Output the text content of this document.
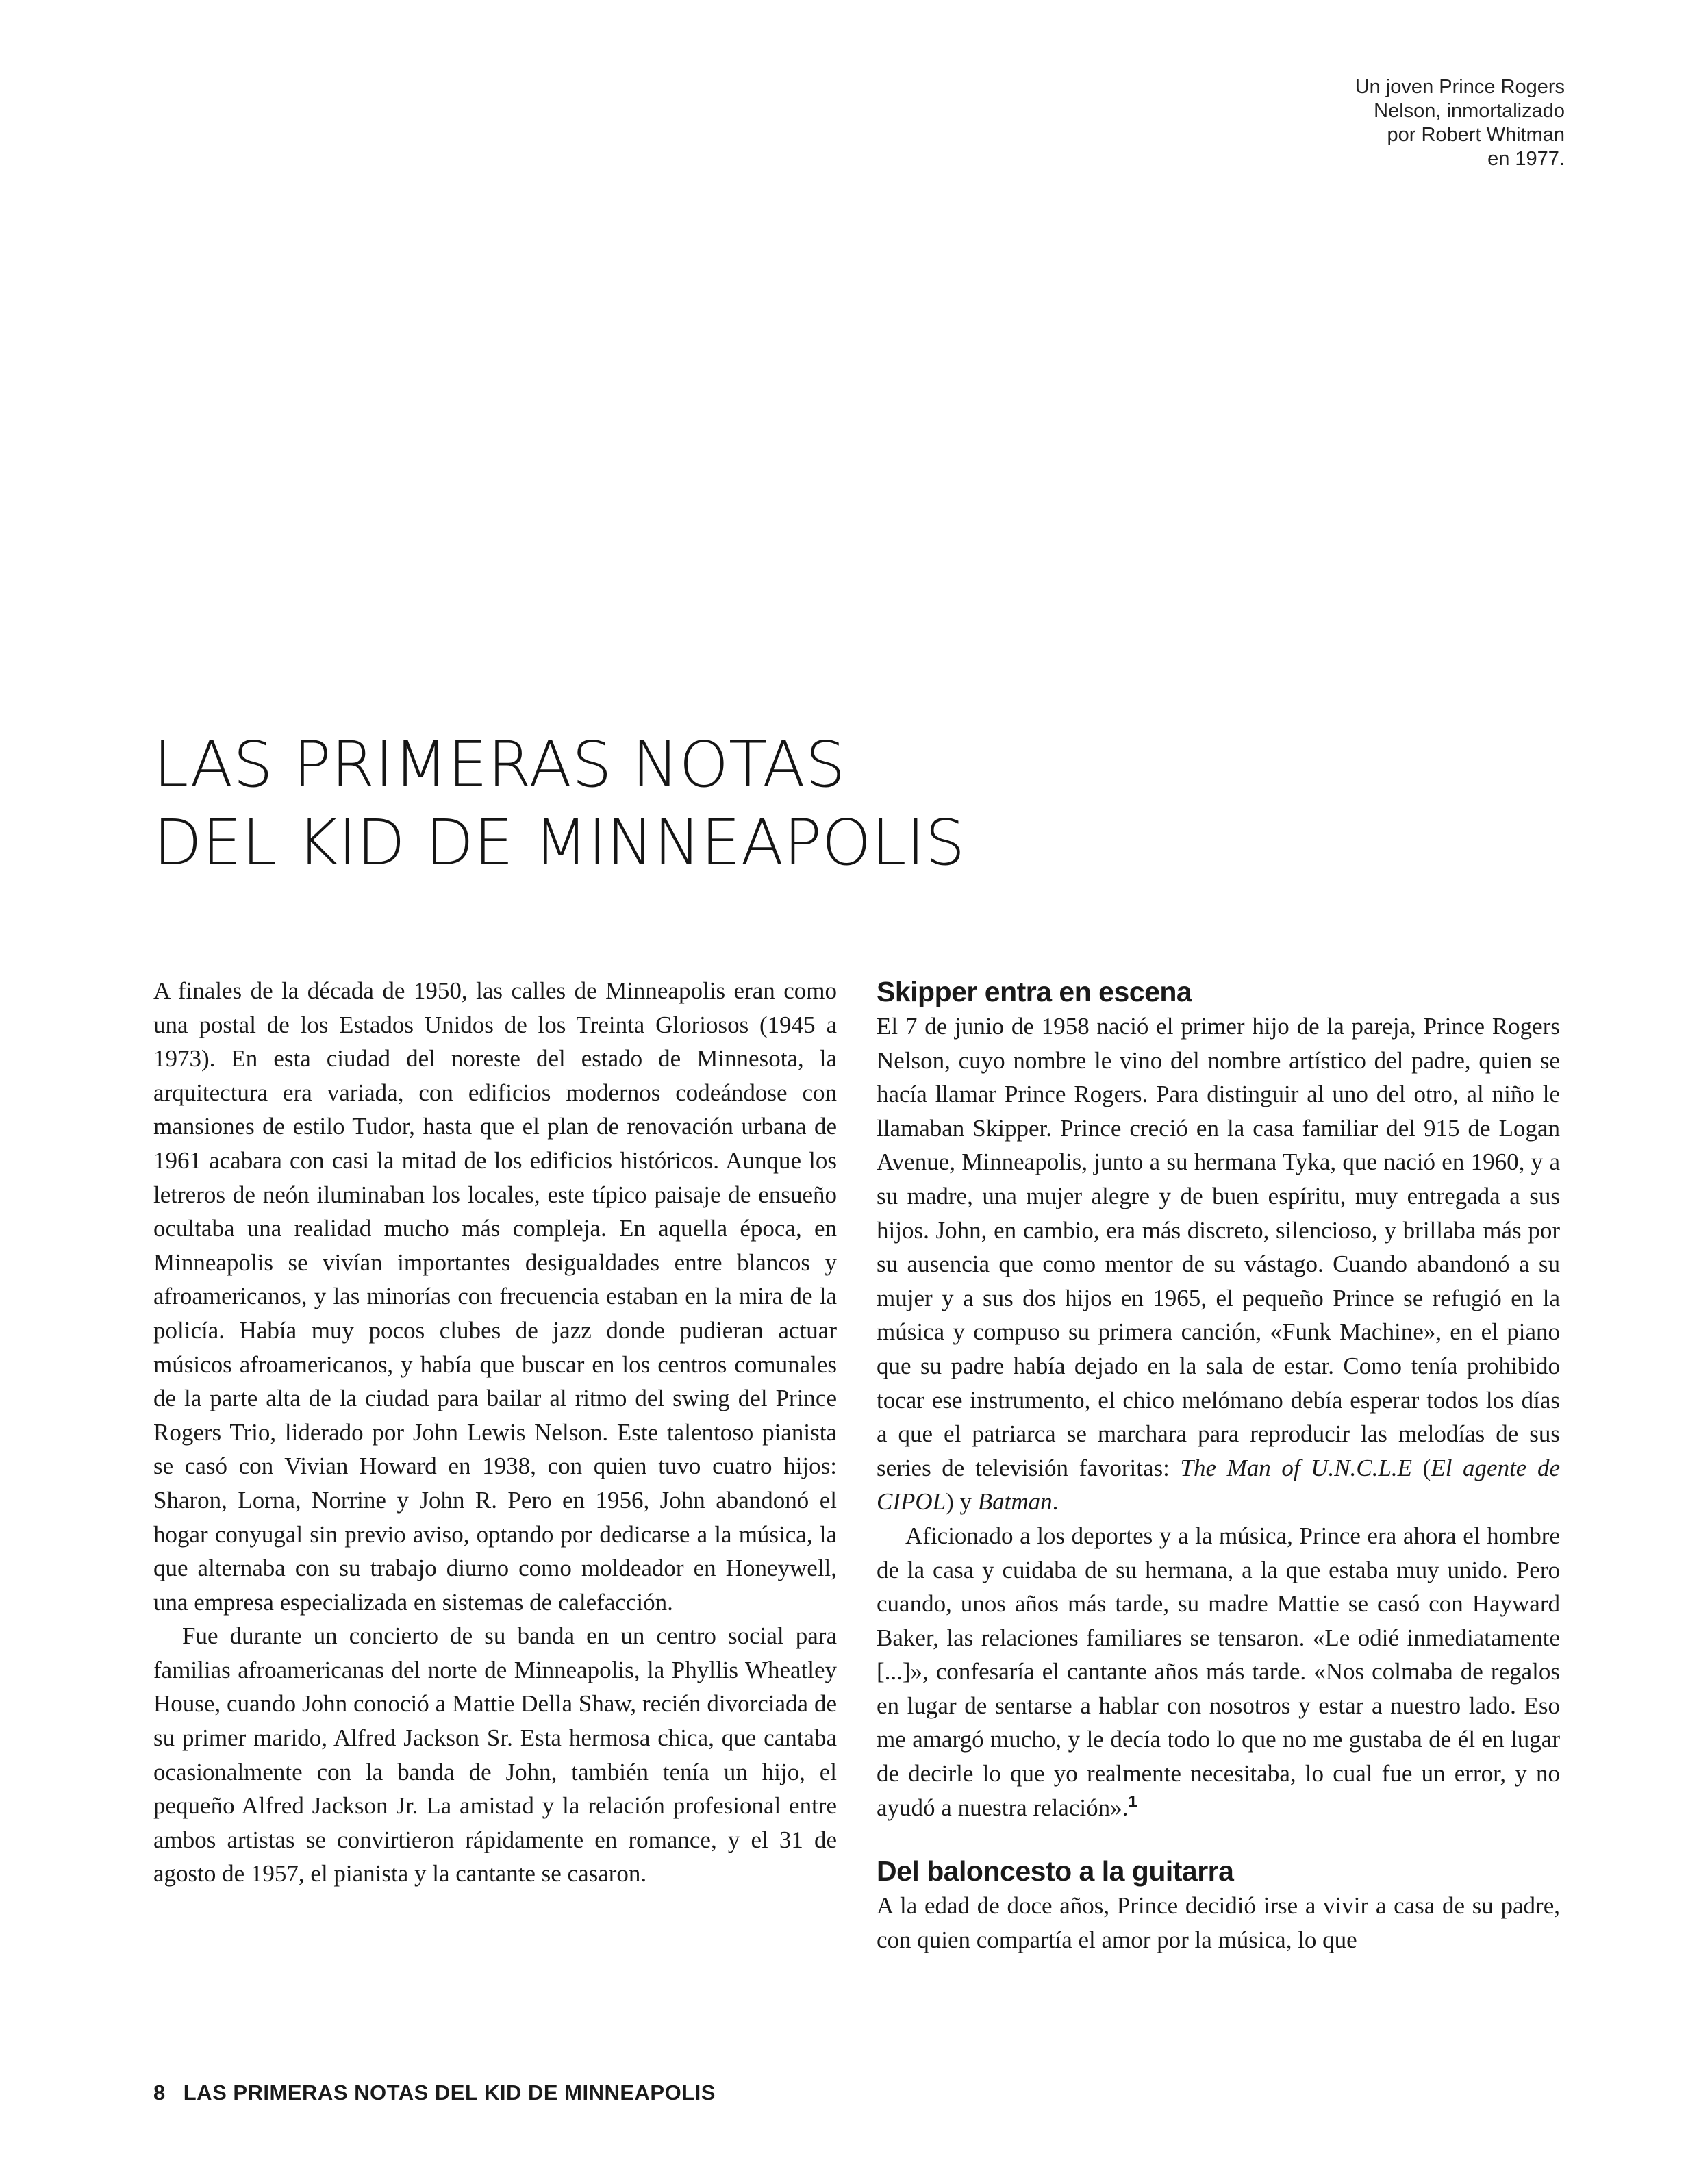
Un joven Prince Rogers
Nelson, inmortalizado
por Robert Whitman
en 1977.
LAS PRIMERAS NOTAS
DEL KID DE MINNEAPOLIS

A finales de la década de 1950, las calles de Minneapolis eran como una postal de los Estados Unidos de los Treinta Gloriosos (1945 a 1973). En esta ciudad del noreste del estado de Minnesota, la arquitectura era variada, con edificios modernos codeándose con mansiones de estilo Tudor, hasta que el plan de renovación urbana de 1961 acabara con casi la mitad de los edificios históricos. Aunque los letreros de neón iluminaban los locales, este típico paisaje de ensueño ocultaba una realidad mucho más compleja. En aquella época, en Minneapolis se vivían importantes desigualdades entre blancos y afroamericanos, y las minorías con frecuencia estaban en la mira de la policía. Había muy pocos clubes de jazz donde pudieran actuar músicos afroamericanos, y había que buscar en los centros comunales de la parte alta de la ciudad para bailar al ritmo del swing del Prince Rogers Trio, liderado por John Lewis Nelson. Este talentoso pianista se casó con Vivian Howard en 1938, con quien tuvo cuatro hijos: Sharon, Lorna, Norrine y John R. Pero en 1956, John abandonó el hogar conyugal sin previo aviso, optando por dedicarse a la música, la que alternaba con su trabajo diurno como moldeador en Honeywell, una empresa especializada en sistemas de calefacción.

Fue durante un concierto de su banda en un centro social para familias afroamericanas del norte de Minneapolis, la Phyllis Wheatley House, cuando John conoció a Mattie Della Shaw, recién divorciada de su primer marido, Alfred Jackson Sr. Esta hermosa chica, que cantaba ocasionalmente con la banda de John, también tenía un hijo, el pequeño Alfred Jackson Jr. La amistad y la relación profesional entre ambos artistas se convirtieron rápidamente en romance, y el 31 de agosto de 1957, el pianista y la cantante se casaron.

Skipper entra en escena

El 7 de junio de 1958 nació el primer hijo de la pareja, Prince Rogers Nelson, cuyo nombre le vino del nombre artístico del padre, quien se hacía llamar Prince Rogers. Para distinguir al uno del otro, al niño le llamaban Skipper. Prince creció en la casa familiar del 915 de Logan Avenue, Minneapolis, junto a su hermana Tyka, que nació en 1960, y a su madre, una mujer alegre y de buen espíritu, muy entregada a sus hijos. John, en cambio, era más discreto, silencioso, y brillaba más por su ausencia que como mentor de su vástago. Cuando abandonó a su mujer y a sus dos hijos en 1965, el pequeño Prince se refugió en la música y compuso su primera canción, «Funk Machine», en el piano que su padre había dejado en la sala de estar. Como tenía prohibido tocar ese instrumento, el chico melómano debía esperar todos los días a que el patriarca se marchara para reproducir las melodías de sus series de televisión favoritas: The Man of U.N.C.L.E (El agente de CIPOL) y Batman.

Aficionado a los deportes y a la música, Prince era ahora el hombre de la casa y cuidaba de su hermana, a la que estaba muy unido. Pero cuando, unos años más tarde, su madre Mattie se casó con Hayward Baker, las relaciones familiares se tensaron. «Le odié inmediatamente [...]», confesaría el cantante años más tarde. «Nos colmaba de regalos en lugar de sentarse a hablar con nosotros y estar a nuestro lado. Eso me amargó mucho, y le decía todo lo que no me gustaba de él en lugar de decirle lo que yo realmente necesitaba, lo cual fue un error, y no ayudó a nuestra relación».$^1$

Del baloncesto a la guitarra

A la edad de doce años, Prince decidió irse a vivir a casa de su padre, con quien compartía el amor por la música, lo que

8 LAS PRIMERAS NOTAS DEL KID DE MINNEAPOLIS
